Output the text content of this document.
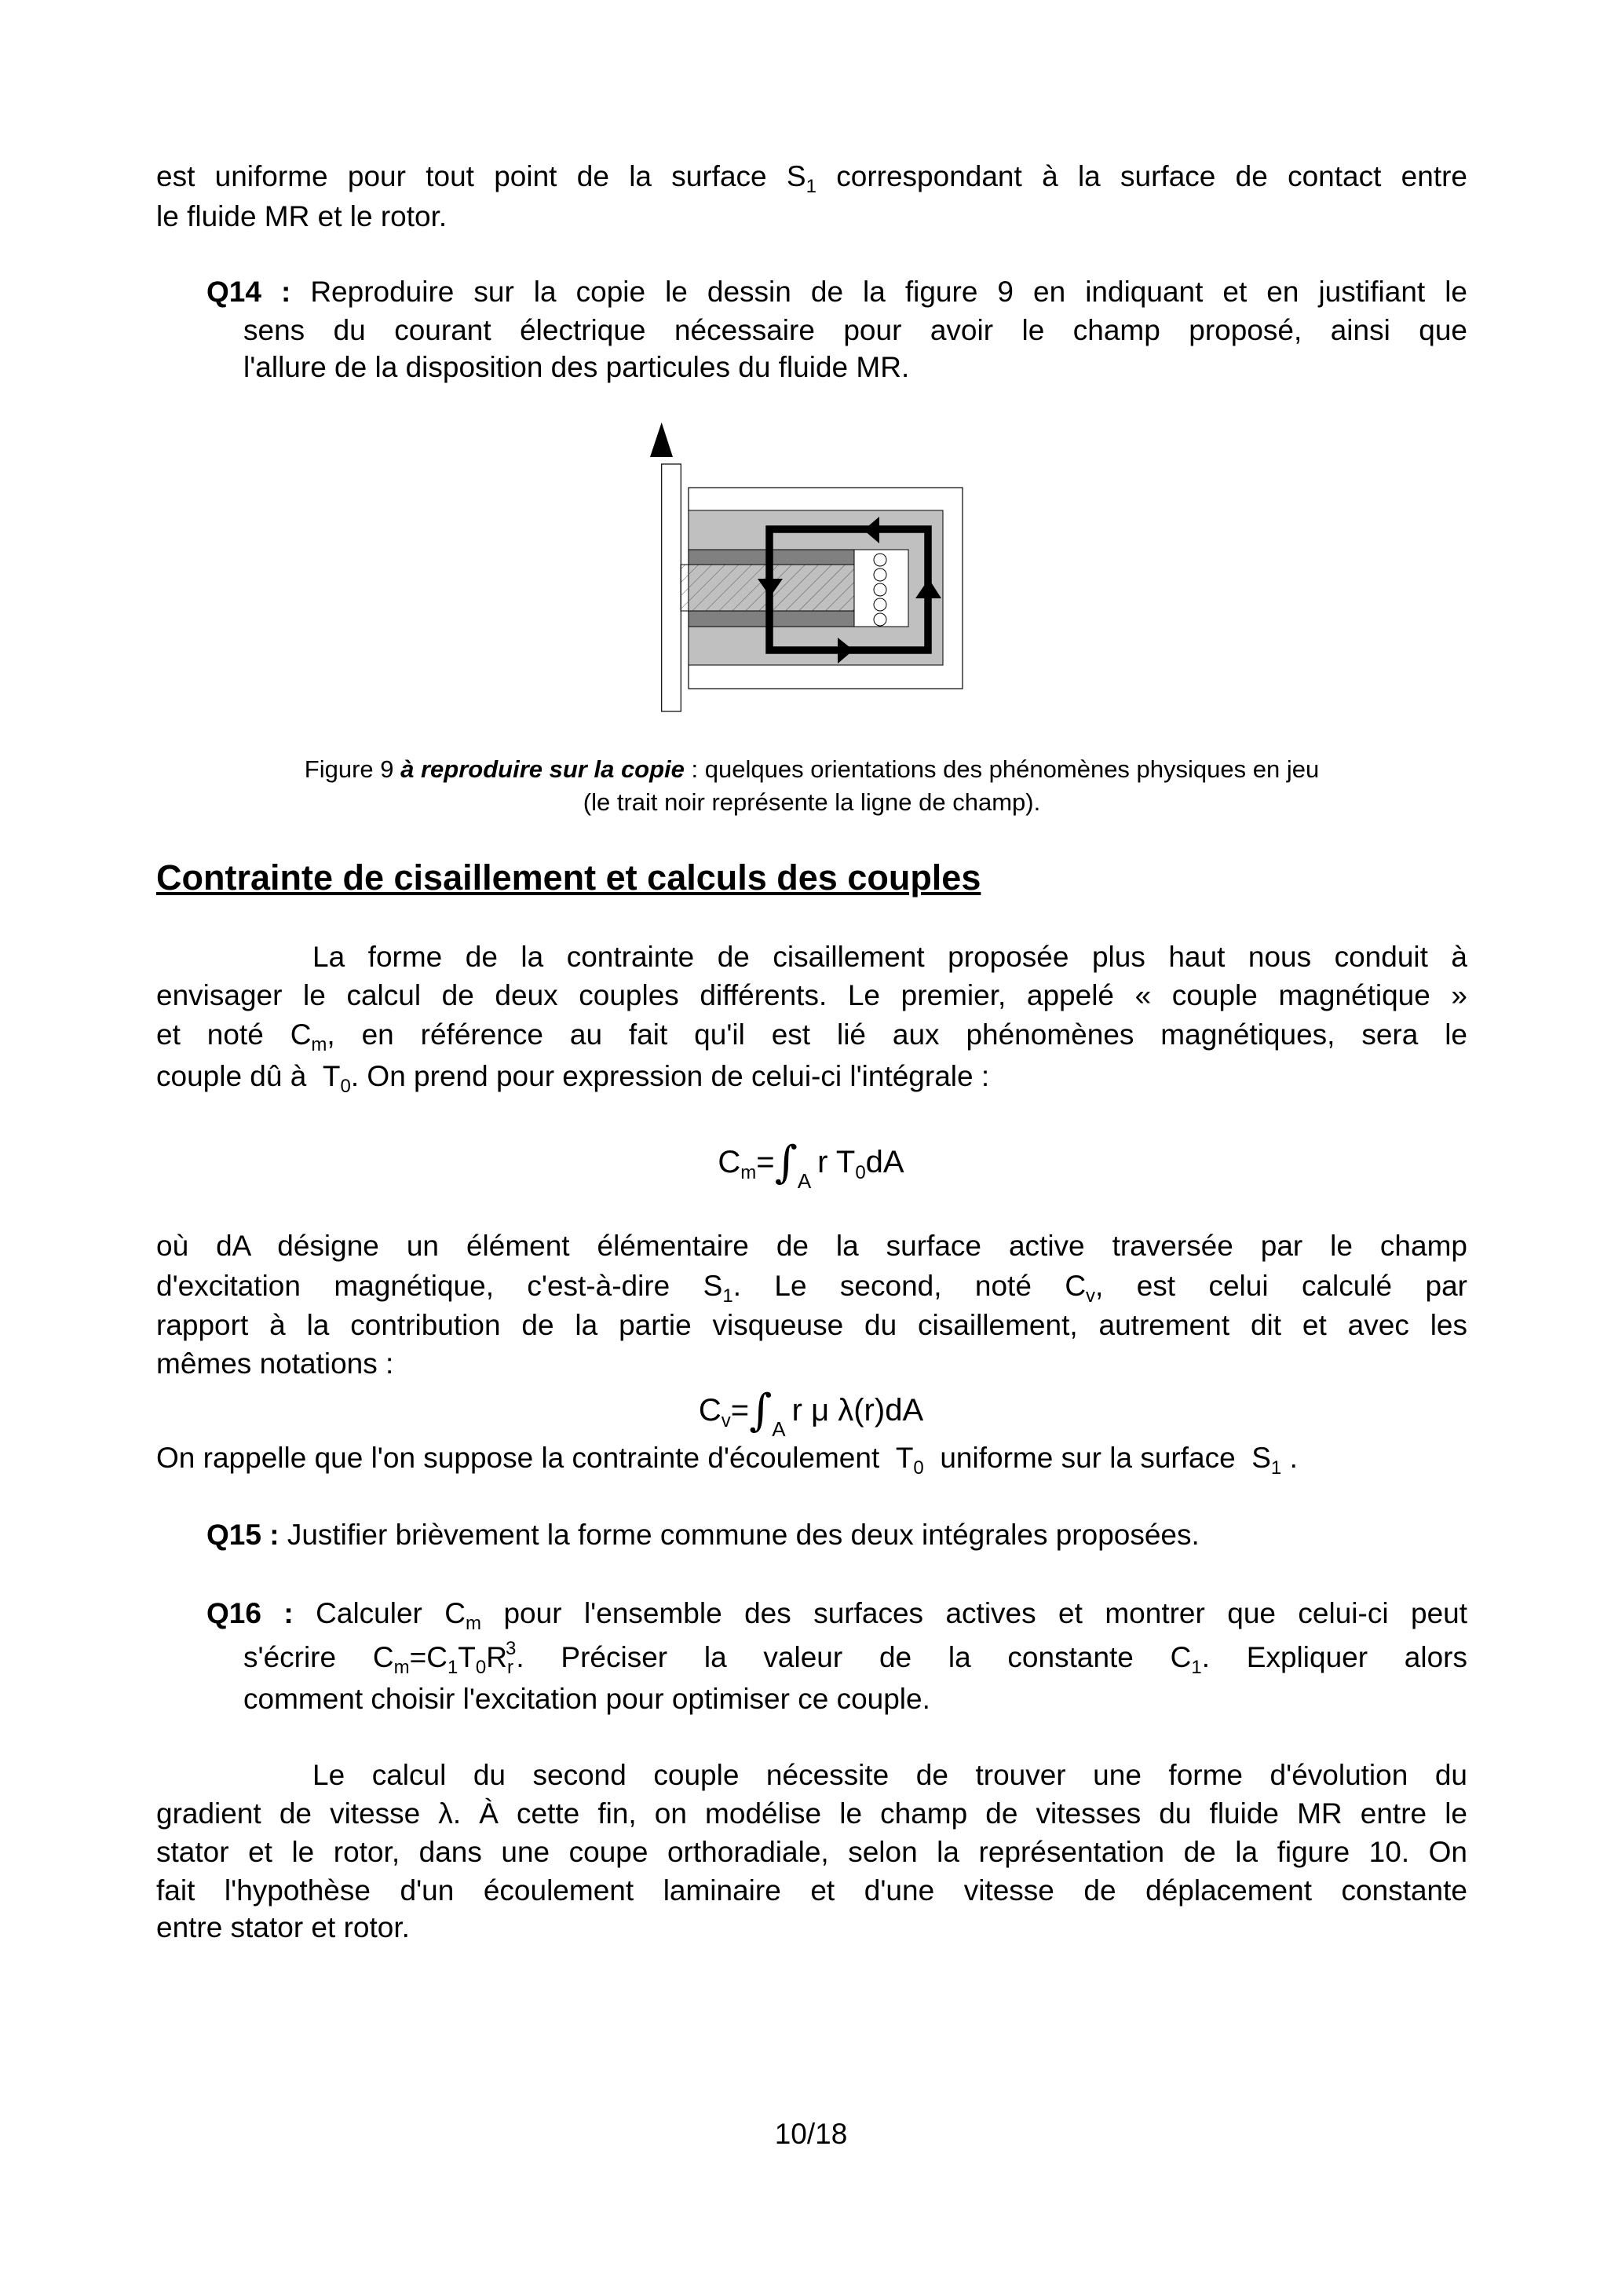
est uniforme pour tout point de la surface $S_1$ correspondant à la surface de contact entre
le fluide MR et le rotor.
Q14 : Reproduire sur la copie le dessin de la figure 9 en indiquant et en justifiant le
sens du courant électrique nécessaire pour avoir le champ proposé, ainsi que
l'allure de la disposition des particules du fluide MR.
Figure 9 à reproduire sur la copie : quelques orientations des phénomènes physiques en jeu
(le trait noir représente la ligne de champ).
Contrainte de cisaillement et calculs des couples
La forme de la contrainte de cisaillement proposée plus haut nous conduit à
envisager le calcul de deux couples différents. Le premier, appelé « couple magnétique »
et noté $C_m$, en référence au fait qu'il est lié aux phénomènes magnétiques, sera le
couple dû à $T_0$. On prend pour expression de celui-ci l'intégrale :
$C_m=\int_Ar$ $T_0dA$
où dA désigne un élément élémentaire de la surface active traversée par le champ
d'excitation magnétique, c'est-à-dire $S_1$. Le second, noté $C_v$, est celui calculé par
rapport à la contribution de la partie visqueuse du cisaillement, autrement dit et avec les
mêmes notations :
$C_v=\int_Ar$ μ λ(r)dA
On rappelle que l'on suppose la contrainte d'écoulement $T_0$ uniforme sur la surface $S_1$ .
Q15 : Justifier brièvement la forme commune des deux intégrales proposées.
Q16 : Calculer $C_m$ pour l'ensemble des surfaces actives et montrer que celui-ci peut
s'écrire $C_m=C_1T_0R_r^3$. Préciser la valeur de la constante $C_1$. Expliquer alors
comment choisir l'excitation pour optimiser ce couple.
Le calcul du second couple nécessite de trouver une forme d'évolution du
gradient de vitesse λ. À cette fin, on modélise le champ de vitesses du fluide MR entre le
stator et le rotor, dans une coupe orthoradiale, selon la représentation de la figure 10. On
fait l'hypothèse d'un écoulement laminaire et d'une vitesse de déplacement constante
entre stator et rotor.
10/18
